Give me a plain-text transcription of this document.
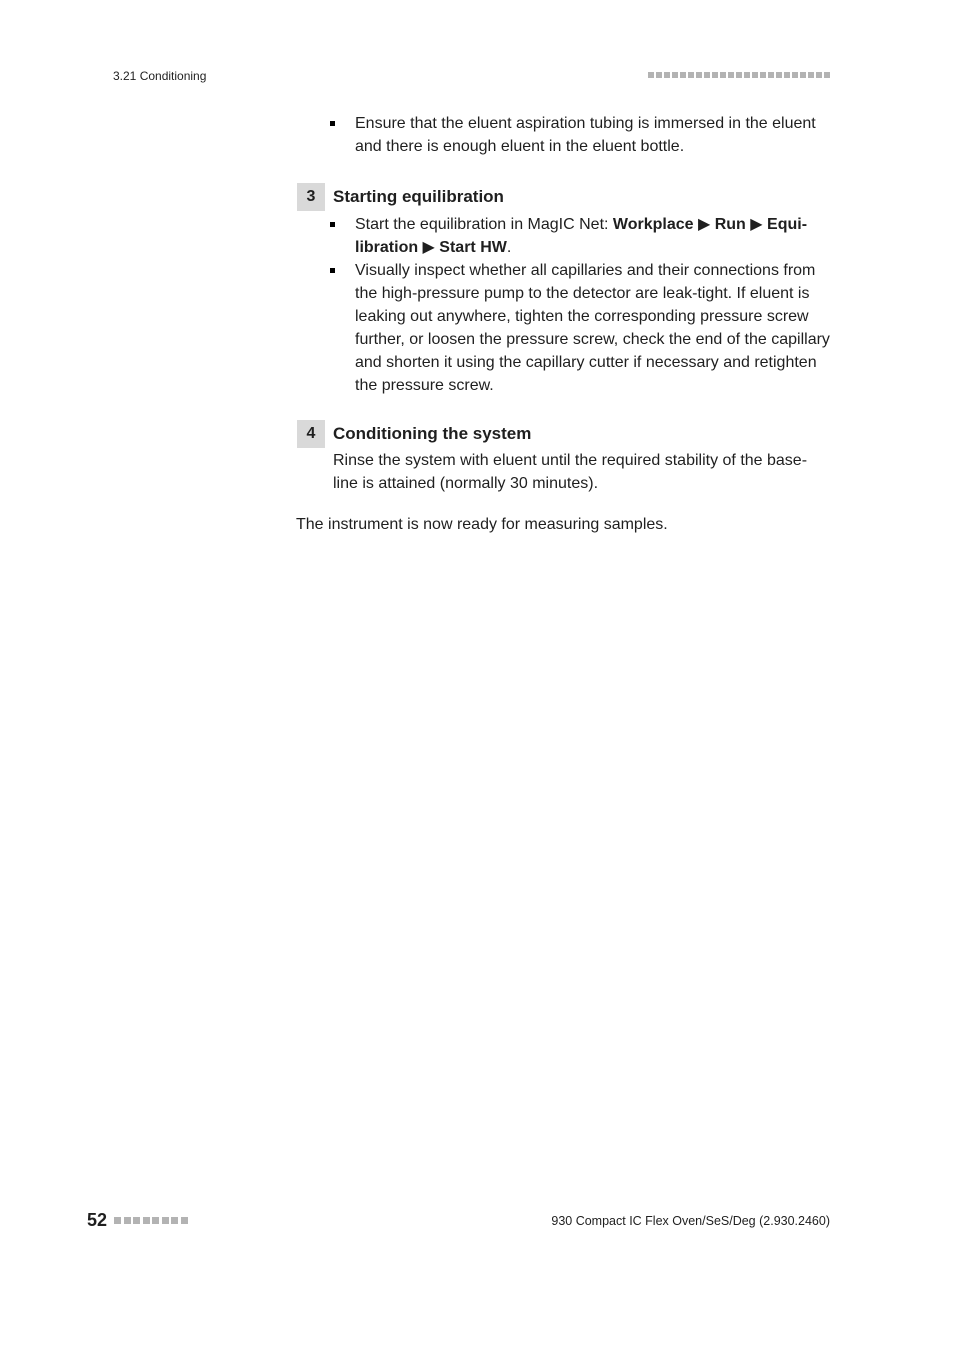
3.21 Conditioning
Ensure that the eluent aspiration tubing is immersed in the eluent and there is enough eluent in the eluent bottle.
3	Starting equilibration
Start the equilibration in MagIC Net: Workplace ▶ Run ▶ Equilibration ▶ Start HW.
Visually inspect whether all capillaries and their connections from the high-pressure pump to the detector are leak-tight. If eluent is leaking out anywhere, tighten the corresponding pressure screw further, or loosen the pressure screw, check the end of the capillary and shorten it using the capillary cutter if necessary and retighten the pressure screw.
4	Conditioning the system
Rinse the system with eluent until the required stability of the baseline is attained (normally 30 minutes).
The instrument is now ready for measuring samples.
52	930 Compact IC Flex Oven/SeS/Deg (2.930.2460)
